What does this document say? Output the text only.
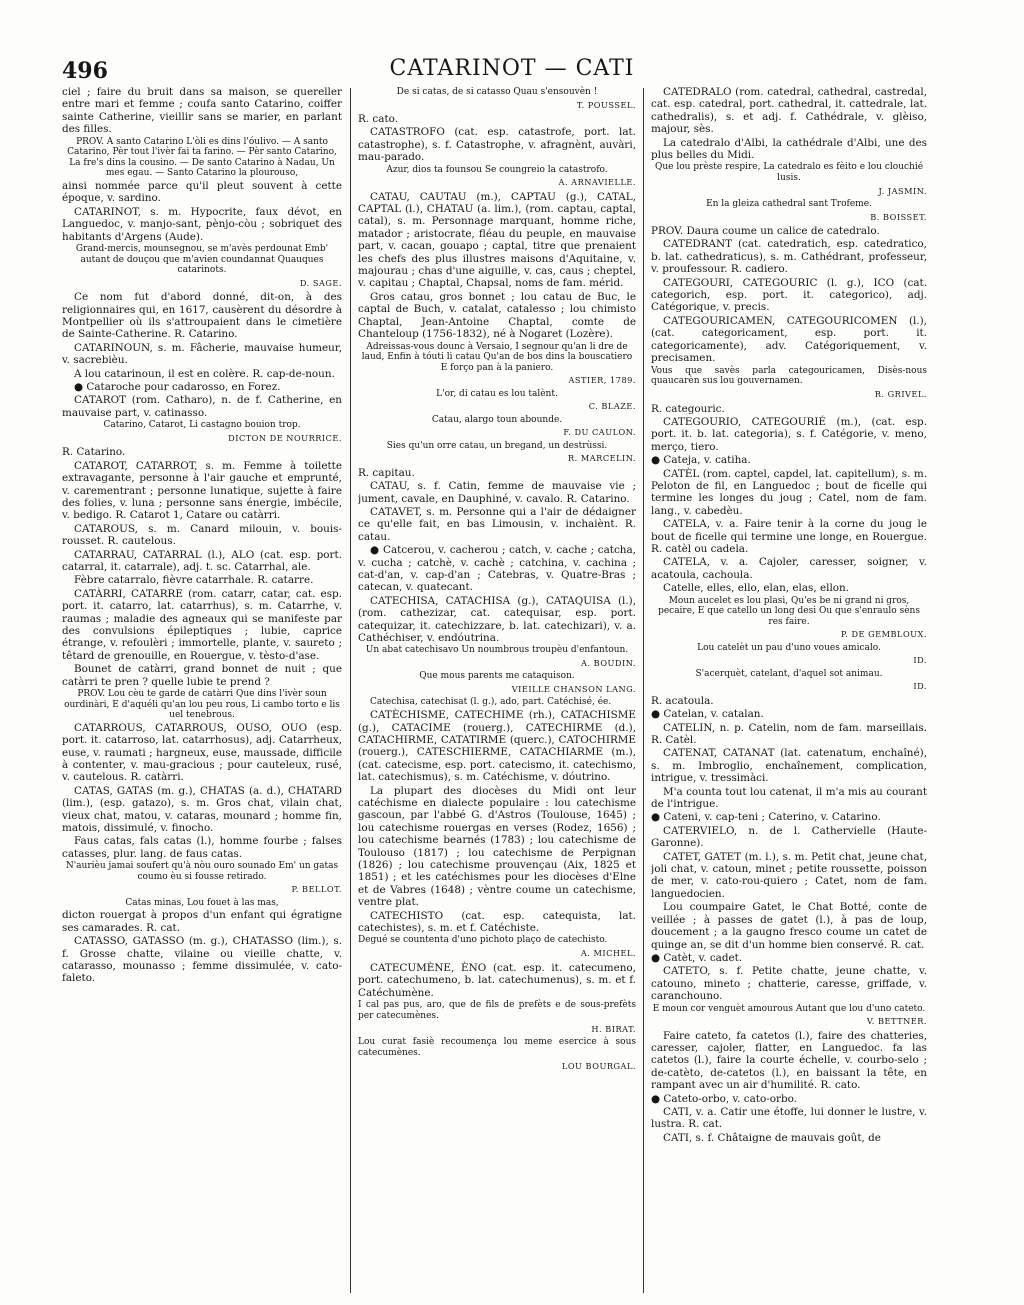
496	CATARINOT — CATI

ciel ; faire du bruit dans sa maison, se quereller entre mari et femme ; coufa santo Catarino, coiffer sainte Catherine, vieillir sans se marier, en parlant des filles.

PROV. A santo Catarino L'òli es dins l'óulivo. — A santo Catarino, Pèr tout l'ivèr fai ta farino. — Pèr santo Catarino, La fre's dins la cousino. — De santo Catarino à Nadau, Un mes egau. — Santo Catarino la plourouso,

ainsi nommée parce qu'il pleut souvent à cette époque, v. sardino.

CATARINOT, s. m. Hypocrite, faux dévot, en Languedoc, v. manjo-sant, pènjo-còu ; sobriquet des habitants d'Argens (Aude).

Grand-mercis, mounsegnou, se m'avès perdounat Emb' autant de douçou que m'avien coundannat Quauques catarinots.

D. SAGE.

Ce nom fut d'abord donné, dit-on, à des religionnaires qui, en 1617, causèrent du désordre à Montpellier où ils s'attroupaient dans le cimetière de Sainte-Catherine. R. Catarino.

CATARINOUN, s. m. Fâcherie, mauvaise humeur, v. sacrebièu.

A lou catarinoun, il est en colère. R. cap-de-noun.

● Cataroche pour cadarosso, en Forez.

CATAROT (rom. Catharo), n. de f. Catherine, en mauvaise part, v. catinasso.

Catarino, Catarot, Li castagno bouion trop.

DICTON DE NOURRICE.

R. Catarino.

CATAROT, CATARROT, s. m. Femme à toilette extravagante, personne à l'air gauche et emprunté, v. carementrant ; personne lunatique, sujette à faire des folies, v. luna ; personne sans énergie, imbécile, v. bedigo. R. Catarot 1, Catare ou catàrri.

CATAROUS, s. m. Canard milouin, v. bouis-rousset. R. cautelous.

CATARRAU, CATARRAL (l.), ALO (cat. esp. port. catarral, it. catarrale), adj. t. sc. Catarrhal, ale.

Fèbre catarralo, fièvre catarrhale. R. catarre.

CATÀRRI, CATARRE (rom. catarr, catar, cat. esp. port. it. catarro, lat. catarrhus), s. m. Catarrhe, v. raumas ; maladie des agneaux qui se manifeste par des convulsions épileptiques ; lubie, caprice étrange, v. refoulèri ; immortelle, plante, v. saureto ; têtard de grenouille, en Rouergue, v. tèsto-d'ase.

Bounet de catàrri, grand bonnet de nuit ; que catàrri te pren ? quelle lubie te prend ?

PROV. Lou cèu te garde de catàrri Que dins l'ivèr soun ourdinàri, E d'aquéli qu'an lou peu rous, Li cambo torto e lis uel tenebrous.

CATARROUS, CATARROUS, OUSO, OUO (esp. port. it. catarroso, lat. catarrhosus), adj. Catarrheux, euse, v. raumati ; hargneux, euse, maussade, difficile à contenter, v. mau-gracious ; pour cauteleux, rusé, v. cautelous. R. catàrri.

CATAS, GATAS (m. g.), CHATAS (a. d.), CHATARD (lim.), (esp. gatazo), s. m. Gros chat, vilain chat, vieux chat, matou, v. cataras, mounard ; homme fin, matois, dissimulé, v. finocho.

Faus catas, fals catas (l.), homme fourbe ; falses catasses, plur. lang. de faus catas.

N'aurièu jamai soufert qu'à nòu ouro sounado Em' un gatas coumo èu si fousse retirado.

P. BELLOT.

Catas minas, Lou fouet à las mas,

dicton rouergat à propos d'un enfant qui égratigne ses camarades. R. cat.

CATASSO, GATASSO (m. g.), CHATASSO (lim.), s. f. Grosse chatte, vilaine ou vieille chatte, v. catarasso, mounasso ; femme dissimulée, v. cato-faleto.

De si catas, de si catasso Quau s'ensouvèn !

T. POUSSEL.

R. cato.

CATASTROFO (cat. esp. catastrofe, port. lat. catastrophe), s. f. Catastrophe, v. afragnènt, auvàri, mau-parado.

Azur, dios ta founsou Se coungreio la catastrofo.

A. ARNAVIELLE.

CATAU, CAUTAU (m.), CAPTAU (g.), CATAL, CAPTAL (l.), CHATAU (a. lim.), (rom. captau, captal, catal), s. m. Personnage marquant, homme riche, matador ; aristocrate, fléau du peuple, en mauvaise part, v. cacan, gouapo ; captal, titre que prenaient les chefs des plus illustres maisons d'Aquitaine, v. majourau ; chas d'une aiguille, v. cas, caus ; cheptel, v. capitau ; Chaptal, Chapsal, noms de fam. mérid.

Gros catau, gros bonnet ; lou catau de Buc, le captal de Buch, v. catalat, catalesso ; lou chimisto Chaptal, Jean-Antoine Chaptal, comte de Chanteloup (1756-1832), né à Nogaret (Lozère).

Adreissas-vous dounc à Versaio, I segnour qu'an li dre de laud, Enfin à tóuti li catau Qu'an de bos dins la bouscatiero E forço pan à la paniero.

ASTIER, 1789.

L'or, di catau es lou talènt.

C. BLAZE.

Catau, alargo toun abounde.

F. DU CAULON.

Sies qu'un orre catau, un bregand, un destrùssi.

R. MARCELIN.

R. capitau.

CATAU, s. f. Catin, femme de mauvaise vie ; jument, cavale, en Dauphiné, v. cavalo. R. Catarino.

CATAVET, s. m. Personne qui a l'air de dédaigner ce qu'elle fait, en bas Limousin, v. inchaiènt. R. catau.

● Catcerou, v. cacherou ; catch, v. cache ; catcha, v. cucha ; catchè, v. cachè ; catchina, v. cachina ; cat-d'an, v. cap-d'an ; Catebras, v. Quatre-Bras ; catecan, v. quatecant.

CATECHISA, CATACHISA (g.), CATAQUISA (l.), (rom. cathezizar, cat. catequisar, esp. port. catequizar, it. catechizzare, b. lat. catechizari), v. a. Cathéchiser, v. endóutrina.

Un abat catechisavo Un noumbrous troupèu d'enfantoun.

A. BOUDIN.

Que mous parents me cataquison.

VIEILLE CHANSON LANG.

Catechisa, catechisat (l. g.), ado, part. Catéchisé, ée.

CATÈCHISME, CATECHIME (rh.), CATACHISME (g.), CATACIME (rouerg.), CATECHIRME (d.), CATACHIRME, CATATIRME (querc.), CATOCHIRME (rouerg.), CATESCHIERME, CATACHIARME (m.), (cat. catecisme, esp. port. catecismo, it. catechismo, lat. catechismus), s. m. Catéchisme, v. dóutrino.

La plupart des diocèses du Midi ont leur catéchisme en dialecte populaire : lou catechisme gascoun, par l'abbé G. d'Astros (Toulouse, 1645) ; lou catechisme rouergas en verses (Rodez, 1656) ; lou catechisme bearnés (1783) ; lou catechisme de Toulouso (1817) ; lou catechisme de Perpignan (1826) ; lou catechisme prouvençau (Aix, 1825 et 1851) ; et les catéchismes pour les diocèses d'Elne et de Vabres (1648) ; vèntre coume un catechisme, ventre plat.

CATECHISTO (cat. esp. catequista, lat. catechistes), s. m. et f. Catéchiste.

Degué se countenta d'uno pichoto plaço de catechisto.

A. MICHEL.

CATECUMÈNE, ÈNO (cat. esp. it. catecumeno, port. catechumeno, b. lat. catechumenus), s. m. et f. Catéchumène.

I cal pas pus, aro, que de fils de prefèts e de sous-prefèts per catecumènes.

H. BIRAT.

Lou curat fasiè recoumença lou meme esercice à sous catecumènes.

LOU BOURGAL.

CATEDRALO (rom. catedral, cathedral, castredal, cat. esp. catedral, port. cathedral, it. cattedrale, lat. cathedralis), s. et adj. f. Cathédrale, v. glèiso, majour, sès.

La catedralo d'Albi, la cathédrale d'Albi, une des plus belles du Midi.

Que lou prèste respire, La catedralo es fèito e lou clouchié lusis.

J. JASMIN.

En la gleiza cathedral sant Trofeme.

B. BOISSET.

PROV. Daura coume un calice de catedralo.

CATEDRANT (cat. catedratich, esp. catedratico, b. lat. cathedraticus), s. m. Cathédrant, professeur, v. proufessour. R. cadiero.

CATEGOURI, CATEGOURIC (l. g.), ICO (cat. categorich, esp. port. it. categorico), adj. Catégorique, v. precis.

CATEGOURICAMEN, CATEGOURICOMEN (l.), (cat. categoricament, esp. port. it. categoricamente), adv. Catégoriquement, v. precisamen.

Vous que savès parla categouricamen, Disès-nous quaucarèn sus lou gouvernamen.

R. GRIVEL.

R. categouric.

CATEGOURIO, CATEGOURIÉ (m.), (cat. esp. port. it. b. lat. categoria), s. f. Catégorie, v. meno, merço, tiero.

● Cateja, v. catiha.

CATÈL (rom. captel, capdel, lat. capitellum), s. m. Peloton de fil, en Languedoc ; bout de ficelle qui termine les longes du joug ; Catel, nom de fam. lang., v. cabedèu.

CATELA, v. a. Faire tenir à la corne du joug le bout de ficelle qui termine une longe, en Rouergue. R. catèl ou cadela.

CATELA, v. a. Cajoler, caresser, soigner, v. acatoula, cachoula.

Catelle, elles, ello, elan, elas, ellon.

Moun aucelet es lou plasi, Qu'es be ni grand ni gros, pecaire, E que catello un long desi Ou que s'enraulo sèns res faire.

P. DE GEMBLOUX.

Lou catelèt un pau d'uno voues amicalo.

ID.

S'acerquèt, catelant, d'aquel sot animau.

ID.

R. acatoula.

● Catelan, v. catalan.

CATELIN, n. p. Catelin, nom de fam. marseillais. R. Catèl.

CATENAT, CATANAT (lat. catenatum, enchaîné), s. m. Imbroglio, enchaînement, complication, intrigue, v. tressimàci.

M'a counta tout lou catenat, il m'a mis au courant de l'intrigue.

● Cateni, v. cap-teni ; Caterino, v. Catarino.

CATERVIELO, n. de l. Cathervielle (Haute-Garonne).

CATET, GATET (m. l.), s. m. Petit chat, jeune chat, joli chat, v. catoun, minet ; petite roussette, poisson de mer, v. cato-rou-quiero ; Catet, nom de fam. languedocien.

Lou coumpaire Gatet, le Chat Botté, conte de veillée ; à passes de gatet (l.), à pas de loup, doucement ; a la gaugno fresco coume un catet de quinge an, se dit d'un homme bien conservé. R. cat.

● Catèt, v. cadet.

CATETO, s. f. Petite chatte, jeune chatte, v. catouno, mineto ; chatterie, caresse, griffade, v. caranchouno.

E moun cor venguèt amourous Autant que lou d'uno cateto.

V. BETTNER.

Faire cateto, fa catetos (l.), faire des chatteries, caresser, cajoler, flatter, en Languedoc. fa las catetos (l.), faire la courte échelle, v. courbo-selo ; de-catèto, de-catetos (l.), en baissant la tête, en rampant avec un air d'humilité. R. cato.

● Cateto-orbo, v. cato-orbo.

CATI, v. a. Catir une étoffe, lui donner le lustre, v. lustra. R. cat.

CATI, s. f. Châtaigne de mauvais goût, de
